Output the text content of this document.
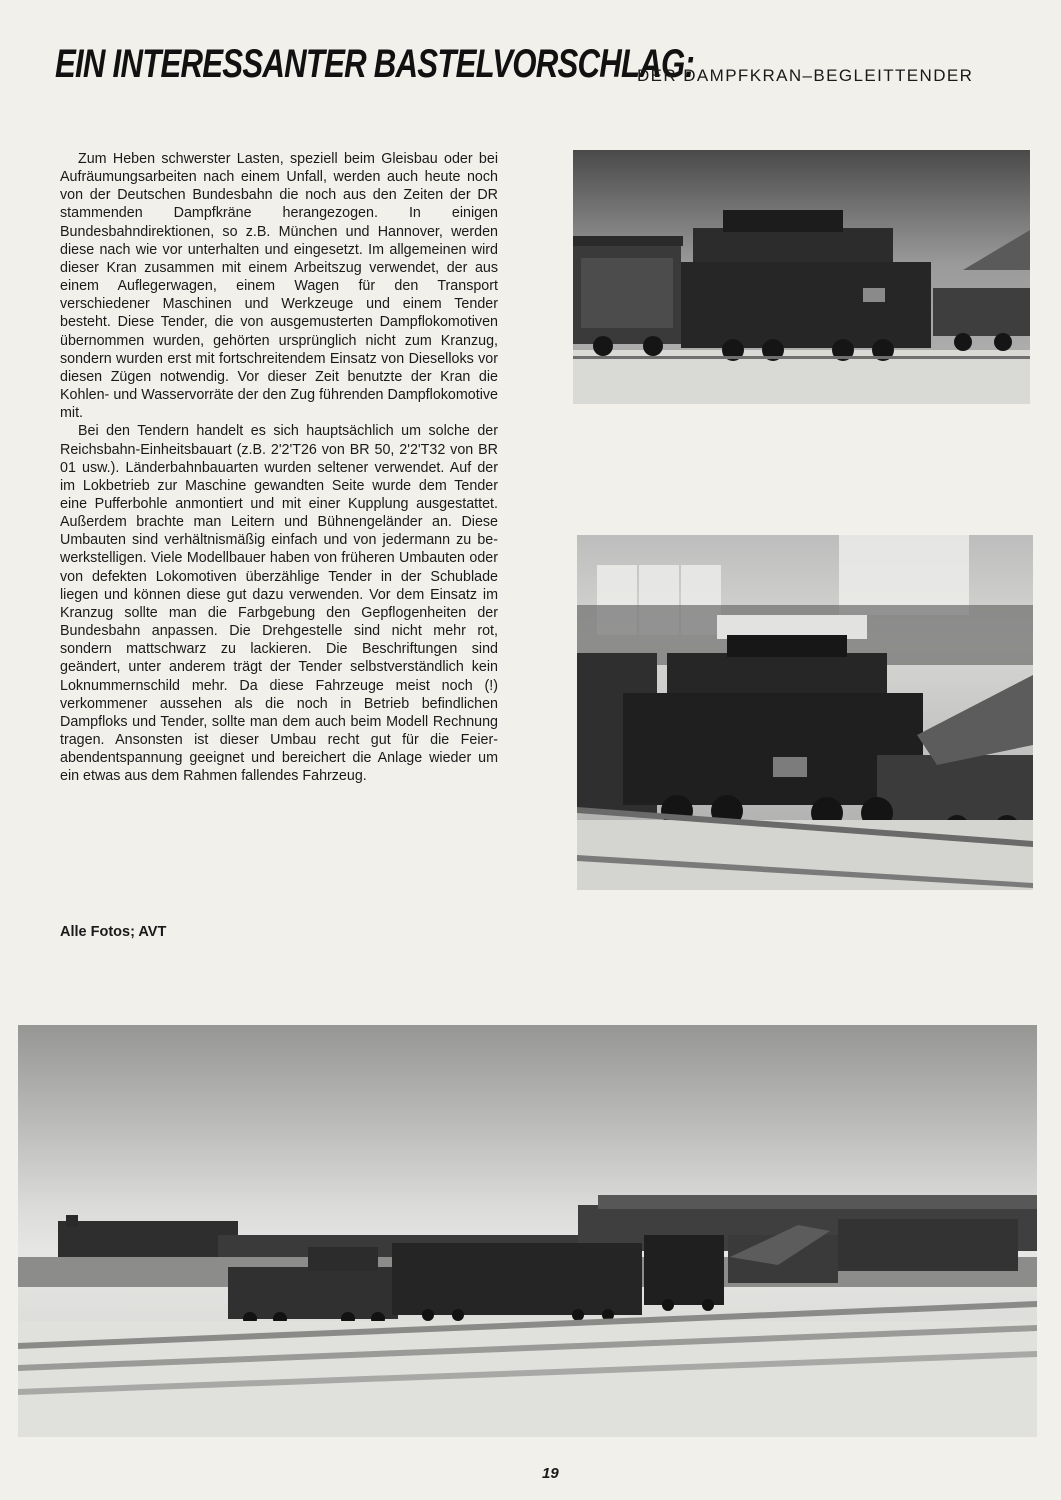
EIN INTERESSANTER BASTELVORSCHLAG:
DER DAMPFKRAN–BEGLEITTENDER

Zum Heben schwerster Lasten, speziell beim Gleisbau oder bei Aufräumungsarbeiten nach einem Unfall, werden auch heute noch von der Deutschen Bundesbahn die noch aus den Zeiten der DR stammenden Dampfkräne herangezogen. In einigen Bundesbahndirektionen, so z.B. München und Hannover, werden diese nach wie vor unterhalten und eingesetzt. Im allgemeinen wird dieser Kran zusammen mit einem Arbeitszug verwendet, der aus einem Auflegerwagen, einem Wagen für den Transport verschiedener Maschinen und Werkzeuge und einem Tender besteht. Diese Tender, die von ausgemusterten Dampflokomotiven übernommen wurden, gehörten ursprünglich nicht zum Kranzug, sondern wurden erst mit fortschreitendem Einsatz von Dieselloks vor diesen Zügen notwendig. Vor dieser Zeit benutzte der Kran die Kohlen- und Wasservorräte der den Zug führenden Dampflokomotive mit.

Bei den Tendern handelt es sich hauptsächlich um solche der Reichsbahn-Einheitsbauart (z.B. 2'2'T26 von BR 50, 2'2'T32 von BR 01 usw.). Länderbahnbauarten wurden seltener verwendet. Auf der im Lokbetrieb zur Maschine gewandten Seite wurde dem Tender eine Pufferbohle anmontiert und mit einer Kupplung ausgestattet. Außerdem brachte man Leitern und Bühnengeländer an. Diese Umbauten sind verhältnismäßig einfach und von jedermann zu bewerkstelligen. Viele Modellbauer haben von früheren Umbauten oder von defekten Lokomotiven überzählige Tender in der Schublade liegen und können diese gut dazu verwenden. Vor dem Einsatz im Kranzug sollte man die Farbgebung den Gepflogenheiten der Bundesbahn anpassen. Die Drehgestelle sind nicht mehr rot, sondern mattschwarz zu lackieren. Die Beschriftungen sind geändert, unter anderem trägt der Tender selbstverständlich kein Loknummernschild mehr. Da diese Fahrzeuge meist noch (!) verkommener aussehen als die noch in Betrieb befindlichen Dampfloks und Tender, sollte man dem auch beim Modell Rechnung tragen. Ansonsten ist dieser Umbau recht gut für die Feierabendentspannung geeignet und bereichert die Anlage wieder um ein etwas aus dem Rahmen fallendes Fahrzeug.

Alle Fotos; AVT
19
